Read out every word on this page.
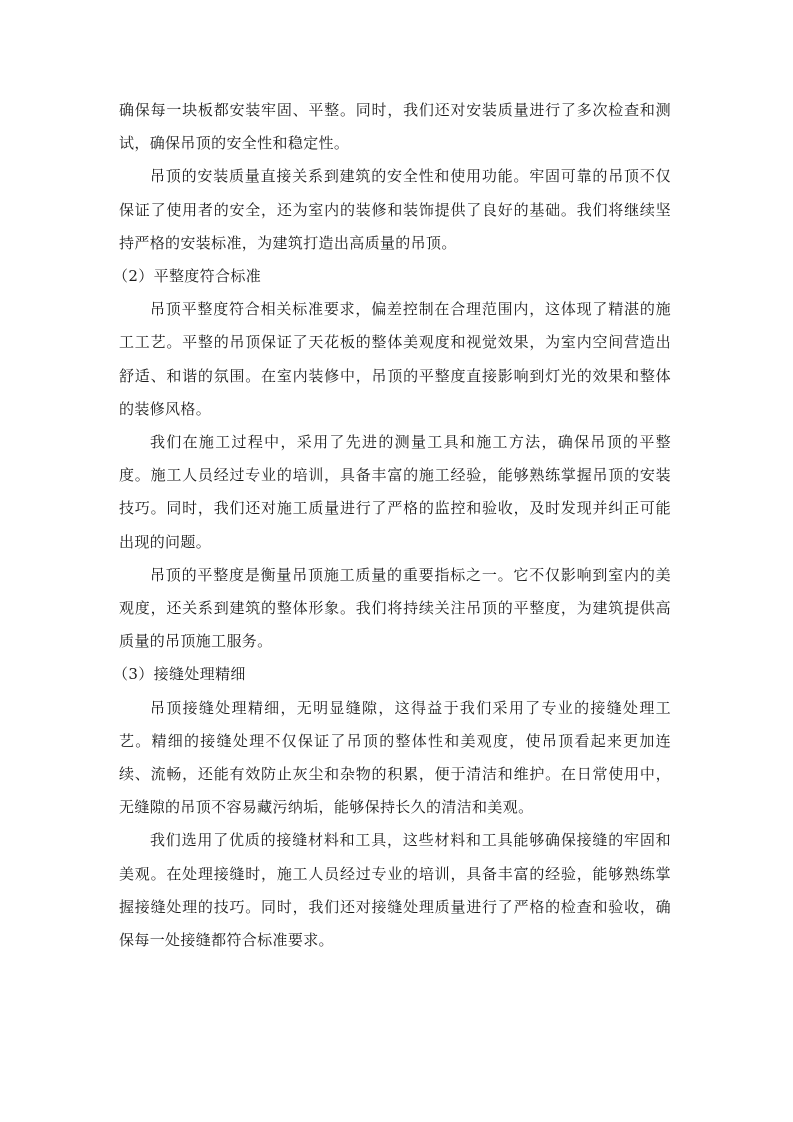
确保每一块板都安装牢固、平整。同时，我们还对安装质量进行了多次检查和测试，确保吊顶的安全性和稳定性。

吊顶的安装质量直接关系到建筑的安全性和使用功能。牢固可靠的吊顶不仅保证了使用者的安全，还为室内的装修和装饰提供了良好的基础。我们将继续坚持严格的安装标准，为建筑打造出高质量的吊顶。

（2）平整度符合标准

吊顶平整度符合相关标准要求，偏差控制在合理范围内，这体现了精湛的施工工艺。平整的吊顶保证了天花板的整体美观度和视觉效果，为室内空间营造出舒适、和谐的氛围。在室内装修中，吊顶的平整度直接影响到灯光的效果和整体的装修风格。

我们在施工过程中，采用了先进的测量工具和施工方法，确保吊顶的平整度。施工人员经过专业的培训，具备丰富的施工经验，能够熟练掌握吊顶的安装技巧。同时，我们还对施工质量进行了严格的监控和验收，及时发现并纠正可能出现的问题。

吊顶的平整度是衡量吊顶施工质量的重要指标之一。它不仅影响到室内的美观度，还关系到建筑的整体形象。我们将持续关注吊顶的平整度，为建筑提供高质量的吊顶施工服务。

（3）接缝处理精细

吊顶接缝处理精细，无明显缝隙，这得益于我们采用了专业的接缝处理工艺。精细的接缝处理不仅保证了吊顶的整体性和美观度，使吊顶看起来更加连续、流畅，还能有效防止灰尘和杂物的积累，便于清洁和维护。在日常使用中，无缝隙的吊顶不容易藏污纳垢，能够保持长久的清洁和美观。

我们选用了优质的接缝材料和工具，这些材料和工具能够确保接缝的牢固和美观。在处理接缝时，施工人员经过专业的培训，具备丰富的经验，能够熟练掌握接缝处理的技巧。同时，我们还对接缝处理质量进行了严格的检查和验收，确保每一处接缝都符合标准要求。
